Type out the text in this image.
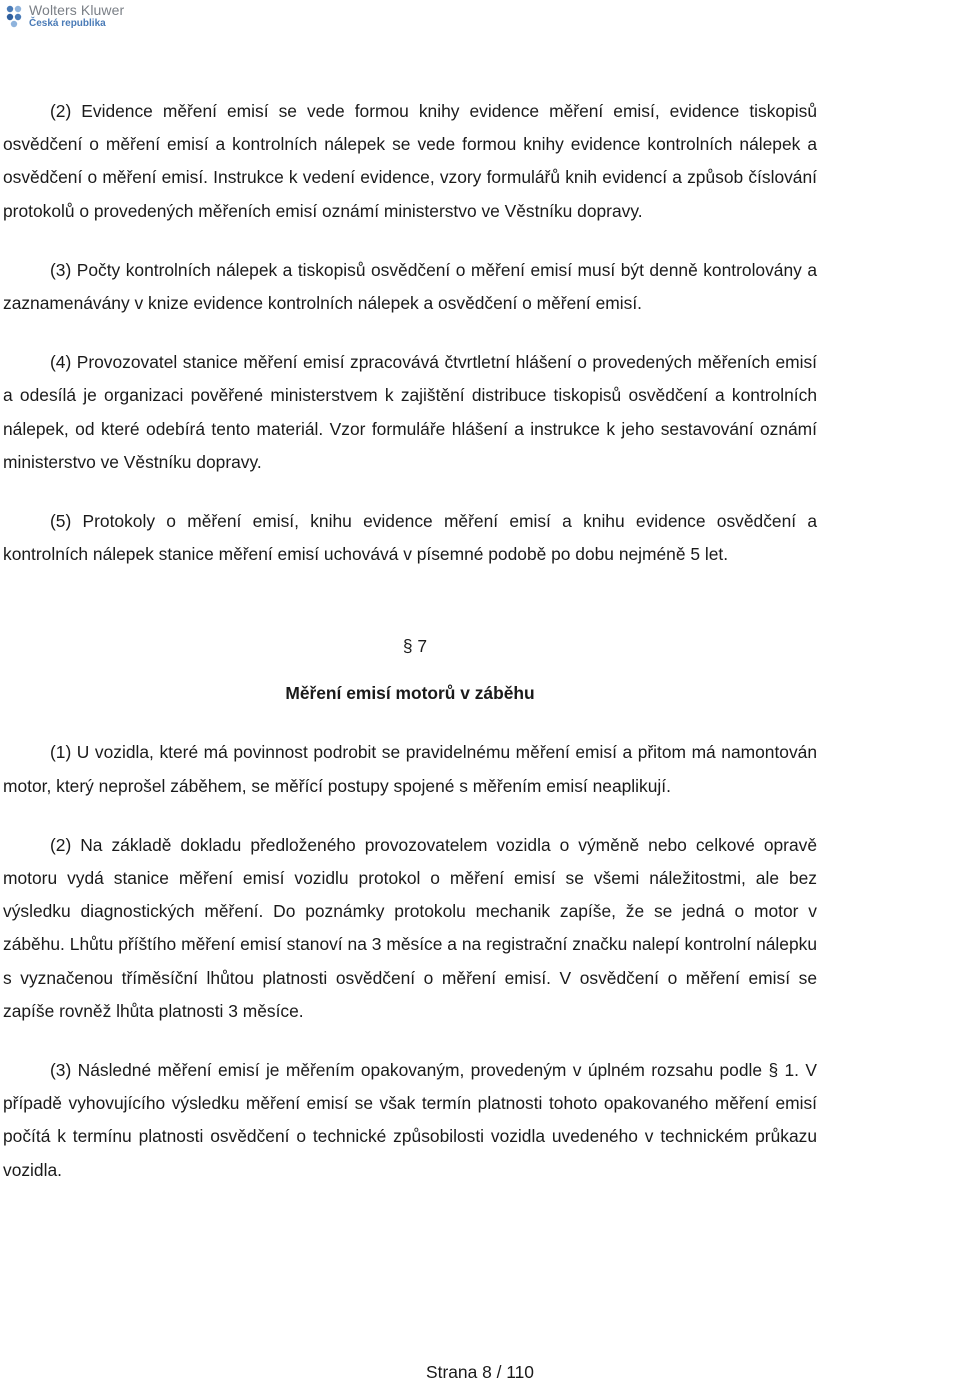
Wolters Kluwer
Česká republika

(2) Evidence měření emisí se vede formou knihy evidence měření emisí, evidence tiskopisů osvědčení o měření emisí a kontrolních nálepek se vede formou knihy evidence kontrolních nálepek a osvědčení o měření emisí. Instrukce k vedení evidence, vzory formulářů knih evidencí a způsob číslování protokolů o provedených měřeních emisí oznámí ministerstvo ve Věstníku dopravy.

(3) Počty kontrolních nálepek a tiskopisů osvědčení o měření emisí musí být denně kontrolovány a zaznamenávány v knize evidence kontrolních nálepek a osvědčení o měření emisí.

(4) Provozovatel stanice měření emisí zpracovává čtvrtletní hlášení o provedených měřeních emisí a odesílá je organizaci pověřené ministerstvem k zajištění distribuce tiskopisů osvědčení a kontrolních nálepek, od které odebírá tento materiál. Vzor formuláře hlášení a instrukce k jeho sestavování oznámí ministerstvo ve Věstníku dopravy.

(5) Protokoly o měření emisí, knihu evidence měření emisí a knihu evidence osvědčení a kontrolních nálepek stanice měření emisí uchovává v písemné podobě po dobu nejméně 5 let.

§ 7

Měření emisí motorů v záběhu

(1) U vozidla, které má povinnost podrobit se pravidelnému měření emisí a přitom má namontován motor, který neprošel záběhem, se měřící postupy spojené s měřením emisí neaplikují.

(2) Na základě dokladu předloženého provozovatelem vozidla o výměně nebo celkové opravě motoru vydá stanice měření emisí vozidlu protokol o měření emisí se všemi náležitostmi, ale bez výsledku diagnostických měření. Do poznámky protokolu mechanik zapíše, že se jedná o motor v záběhu. Lhůtu příštího měření emisí stanoví na 3 měsíce a na registrační značku nalepí kontrolní nálepku s vyznačenou tříměsíční lhůtou platnosti osvědčení o měření emisí. V osvědčení o měření emisí se zapíše rovněž lhůta platnosti 3 měsíce.

(3) Následné měření emisí je měřením opakovaným, provedeným v úplném rozsahu podle § 1. V případě vyhovujícího výsledku měření emisí se však termín platnosti tohoto opakovaného měření emisí počítá k termínu platnosti osvědčení o technické způsobilosti vozidla uvedeného v technickém průkazu vozidla.

Strana 8 / 110
